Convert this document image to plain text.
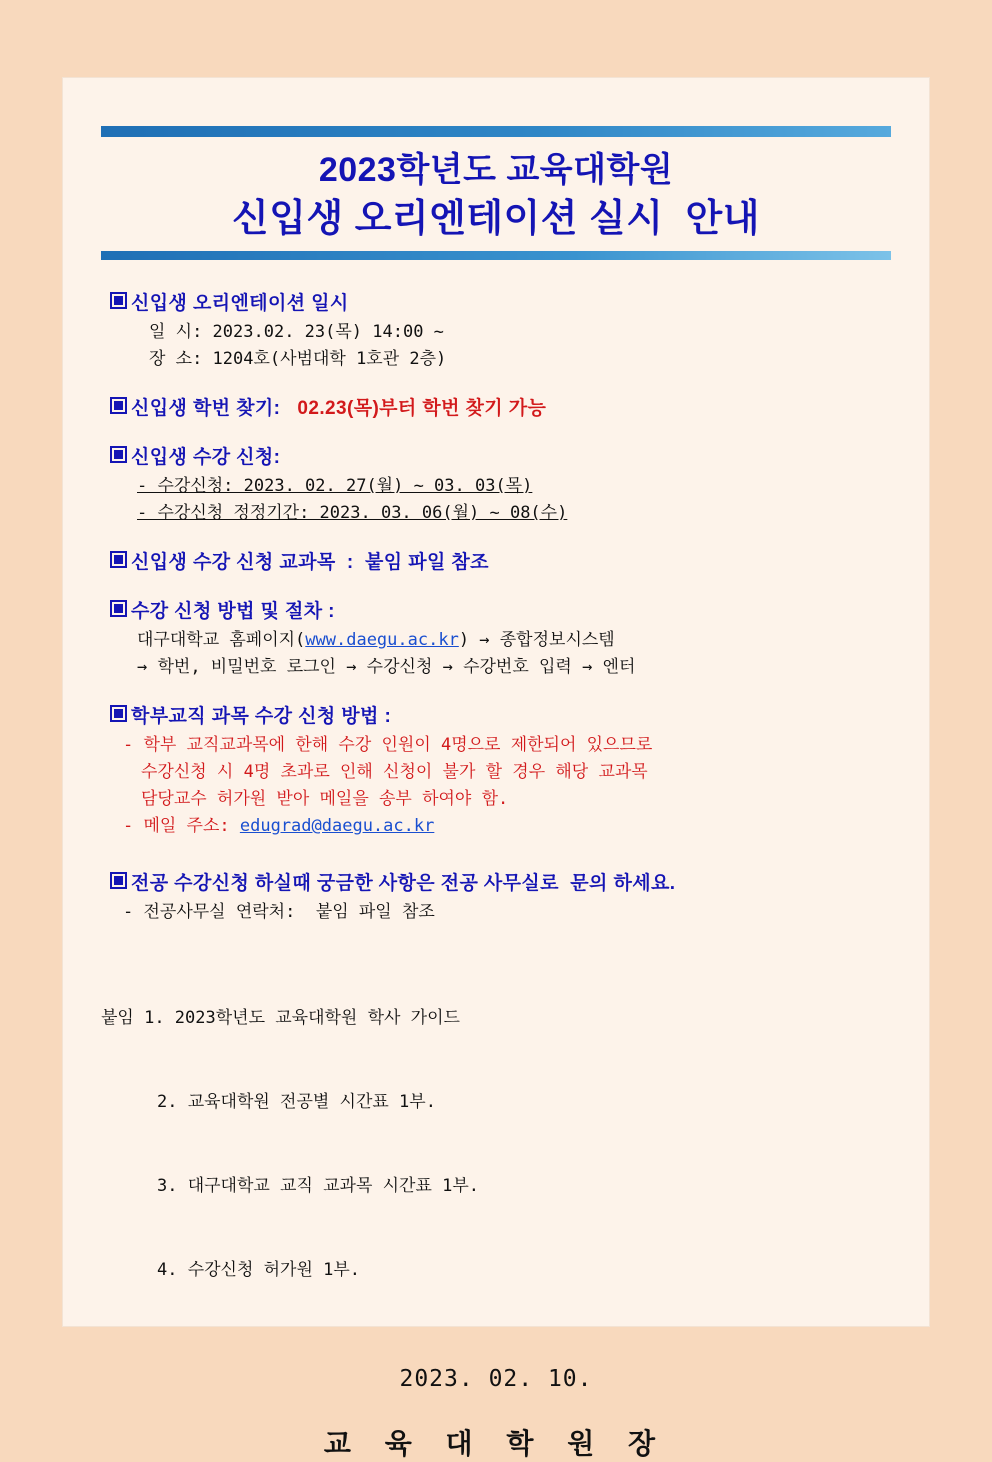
2023학년도 교육대학원
신입생 오리엔테이션 실시  안내
신입생 오리엔테이션 일시
일 시: 2023.02. 23(목) 14:00 ~
장 소: 1204호(사범대학 1호관 2층)
신입생 학번 찾기: 02.23(목)부터 학번 찾기 가능
신입생 수강 신청:
- 수강신청: 2023. 02. 27(월) ~ 03. 03(목)
- 수강신청 정정기간: 2023. 03. 06(월) ~ 08(수)
신입생 수강 신청 교과목  :  붙임 파일 참조
수강 신청 방법 및 절차 :
대구대학교 홈페이지(www.daegu.ac.kr) → 종합정보시스템
→ 학번, 비밀번호 로그인 → 수강신청 → 수강번호 입력 → 엔터
학부교직 과목 수강 신청 방법 :
- 학부 교직교과목에 한해 수강 인원이 4명으로 제한되어 있으므로
수강신청 시 4명 초과로 인해 신청이 불가 할 경우 해당 교과목
담당교수 허가원 받아 메일을 송부 하여야 함.
- 메일 주소: edugrad@daegu.ac.kr
전공 수강신청 하실때 궁금한 사항은 전공 사무실로  문의 하세요.
- 전공사무실 연락처:  붙임 파일 참조

붙임 1. 2023학년도 교육대학원 학사 가이드

2. 교육대학원 전공별 시간표 1부.

3. 대구대학교 교직 교과목 시간표 1부.

4. 수강신청 허가원 1부.

2023. 02. 10.
교 육 대 학 원 장
